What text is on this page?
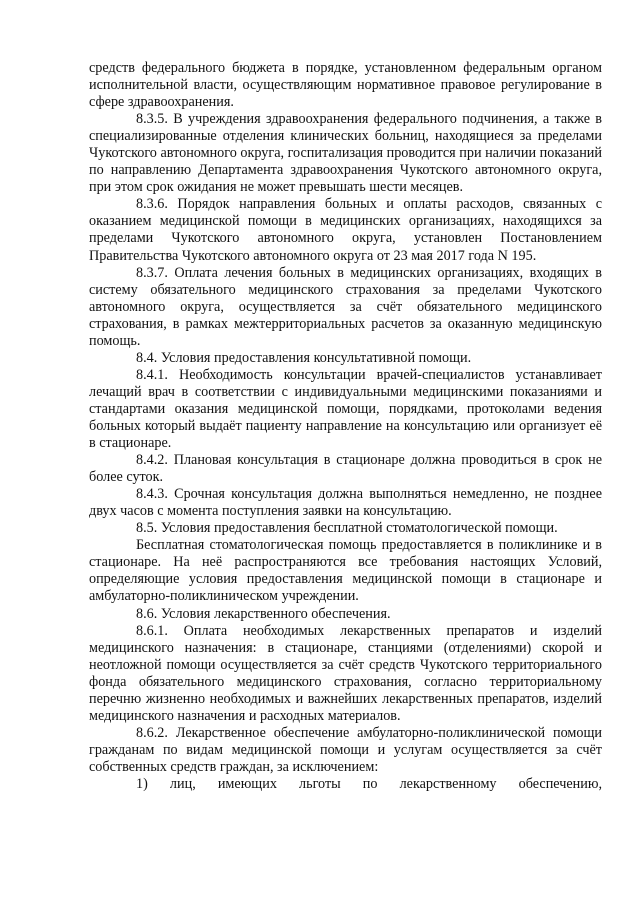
средств федерального бюджета в порядке, установленном федеральным органом исполнительной власти, осуществляющим нормативное правовое регулирование в сфере здравоохранения.

8.3.5. В учреждения здравоохранения федерального подчинения, а также в специализированные отделения клинических больниц, находящиеся за пределами Чукотского автономного округа, госпитализация проводится при наличии показаний по направлению Департамента здравоохранения Чукотского автономного округа, при этом срок ожидания не может превышать шести месяцев.

8.3.6. Порядок направления больных и оплаты расходов, связанных с оказанием медицинской помощи в медицинских организациях, находящихся за пределами Чукотского автономного округа, установлен Постановлением Правительства Чукотского автономного округа от 23 мая 2017 года N 195.

8.3.7. Оплата лечения больных в медицинских организациях, входящих в систему обязательного медицинского страхования за пределами Чукотского автономного округа, осуществляется за счёт обязательного медицинского страхования, в рамках межтерриториальных расчетов за оказанную медицинскую помощь.

8.4. Условия предоставления консультативной помощи.

8.4.1. Необходимость консультации врачей-специалистов устанавливает лечащий врач в соответствии с индивидуальными медицинскими показаниями и стандартами оказания медицинской помощи, порядками, протоколами ведения больных который выдаёт пациенту направление на консультацию или организует её в стационаре.

8.4.2. Плановая консультация в стационаре должна проводиться в срок не более суток.

8.4.3. Срочная консультация должна выполняться немедленно, не позднее двух часов с момента поступления заявки на консультацию.

8.5. Условия предоставления бесплатной стоматологической помощи.

Бесплатная стоматологическая помощь предоставляется в поликлинике и в стационаре. На неё распространяются все требования настоящих Условий, определяющие условия предоставления медицинской помощи в стационаре и амбулаторно-поликлиническом учреждении.

8.6. Условия лекарственного обеспечения.

8.6.1. Оплата необходимых лекарственных препаратов и изделий медицинского назначения: в стационаре, станциями (отделениями) скорой и неотложной помощи осуществляется за счёт средств Чукотского территориального фонда обязательного медицинского страхования, согласно территориальному перечню жизненно необходимых и важнейших лекарственных препаратов, изделий медицинского назначения и расходных материалов.

8.6.2. Лекарственное обеспечение амбулаторно-поликлинической помощи гражданам по видам медицинской помощи и услугам осуществляется за счёт собственных средств граждан, за исключением:

1) лиц, имеющих льготы по лекарственному обеспечению,
